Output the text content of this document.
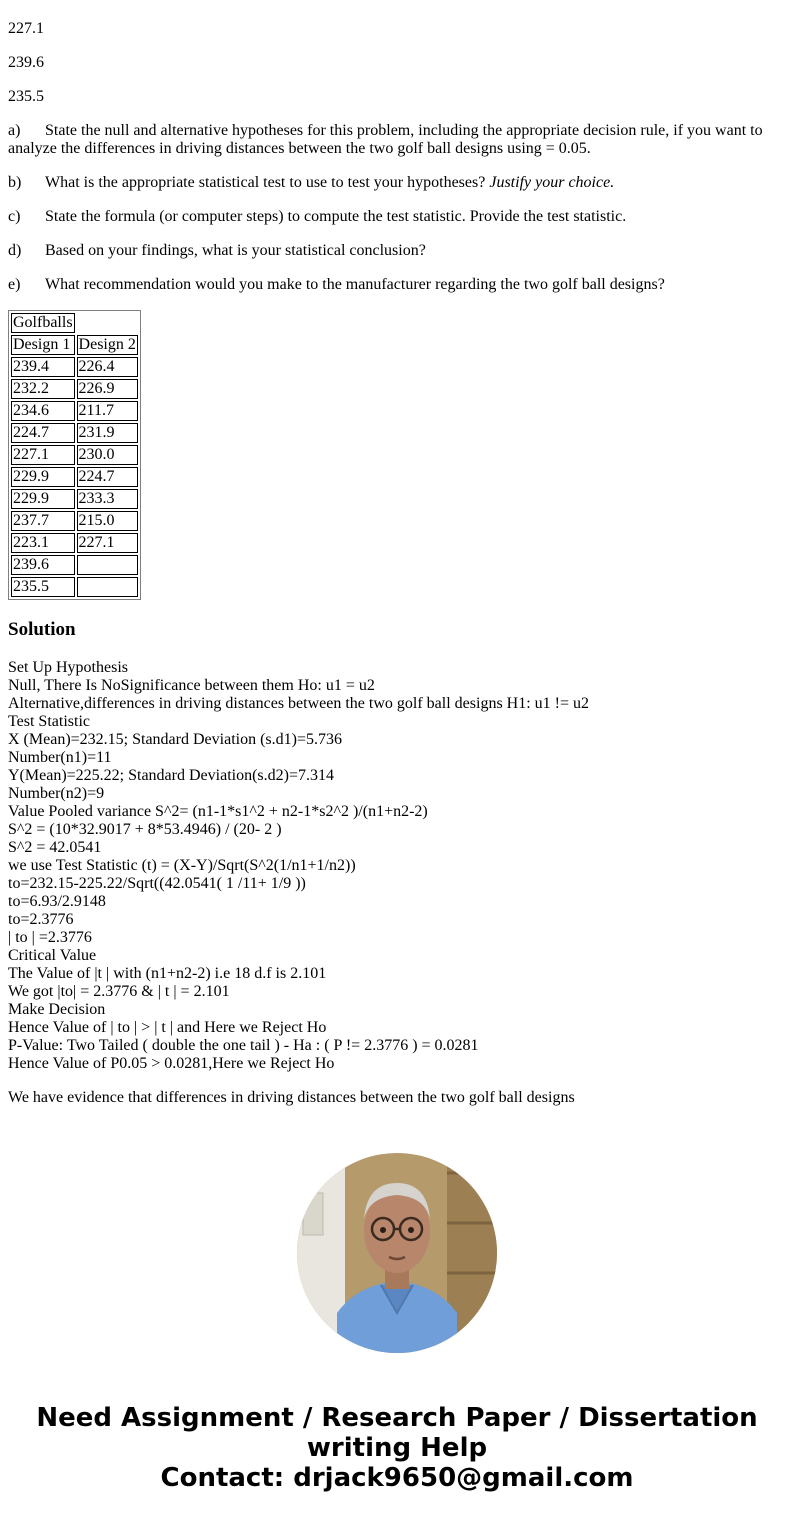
227.1

239.6

235.5

a) State the null and alternative hypotheses for this problem, including the appropriate decision rule, if you want to analyze the differences in driving distances between the two golf ball designs using = 0.05.

b) What is the appropriate statistical test to use to test your hypotheses? Justify your choice.

c) State the formula (or computer steps) to compute the test statistic. Provide the test statistic.

d) Based on your findings, what is your statistical conclusion?

e) What recommendation would you make to the manufacturer regarding the two golf ball designs?

Golfballs	
Design 1	Design 2
239.4	226.4
232.2	226.9
234.6	211.7
224.7	231.9
227.1	230.0
229.9	224.7
229.9	233.3
237.7	215.0
223.1	227.1
239.6	
235.5	
Solution
Set Up Hypothesis
Null, There Is NoSignificance between them Ho: u1 = u2
Alternative,differences in driving distances between the two golf ball designs H1: u1 != u2
Test Statistic
X (Mean)=232.15; Standard Deviation (s.d1)=5.736
Number(n1)=11
Y(Mean)=225.22; Standard Deviation(s.d2)=7.314
Number(n2)=9
Value Pooled variance S^2= (n1-1*s1^2 + n2-1*s2^2 )/(n1+n2-2)
S^2 = (10*32.9017 + 8*53.4946) / (20- 2 )
S^2 = 42.0541
we use Test Statistic (t) = (X-Y)/Sqrt(S^2(1/n1+1/n2))
to=232.15-225.22/Sqrt((42.0541( 1 /11+ 1/9 ))
to=6.93/2.9148
to=2.3776
| to | =2.3776
Critical Value
The Value of |t | with (n1+n2-2) i.e 18 d.f is 2.101
We got |to| = 2.3776 & | t | = 2.101
Make Decision
Hence Value of | to | > | t | and Here we Reject Ho
P-Value: Two Tailed ( double the one tail ) - Ha : ( P != 2.3776 ) = 0.0281
Hence Value of P0.05 > 0.0281,Here we Reject Ho

We have evidence that differences in driving distances between the two golf ball designs

Need Assignment / Research Paper / Dissertation
writing Help
Contact: drjack9650@gmail.com
